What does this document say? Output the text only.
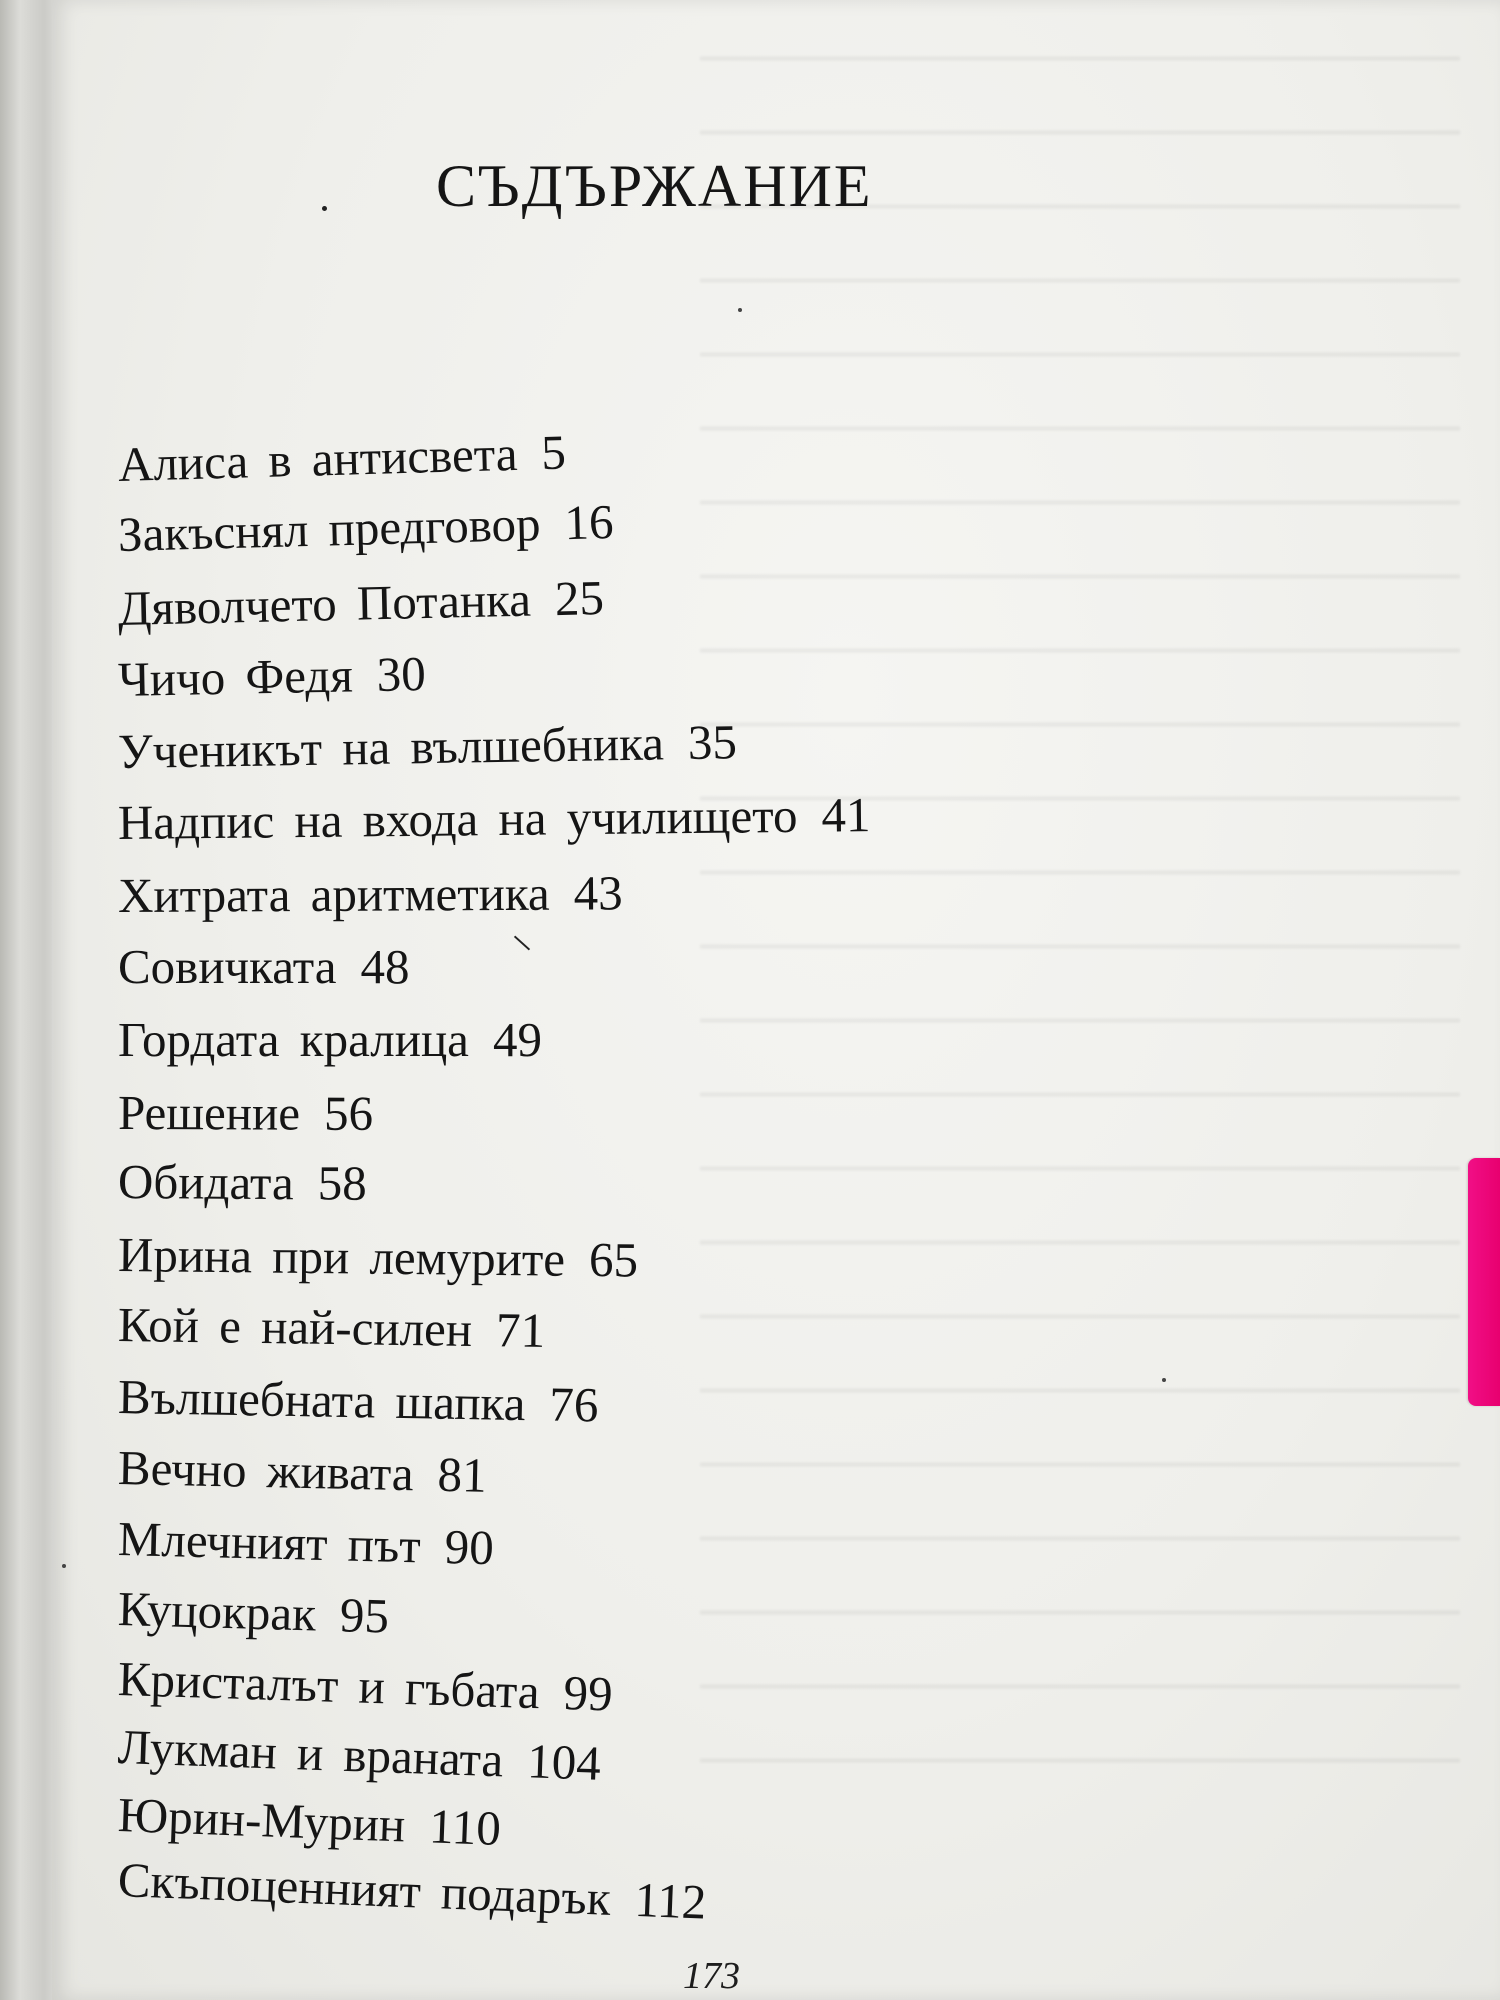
СЪДЪРЖАНИЕ
Алиса в антисвета 5
Закъснял предговор 16
Дяволчето Потанка 25
Чичо Федя 30
Ученикът на вълшебника 35
Надпис на входа на училището 41
Хитрата аритметика 43
Совичката 48
Гордата кралица 49
Решение 56
Обидата 58
Ирина при лемурите 65
Кой е най-силен 71
Вълшебната шапка 76
Вечно живата 81
Млечният път 90
Куцокрак 95
Кристалът и гъбата 99
Лукман и враната 104
Юрин-Мурин 110
Скъпоценният подарък 112
173
